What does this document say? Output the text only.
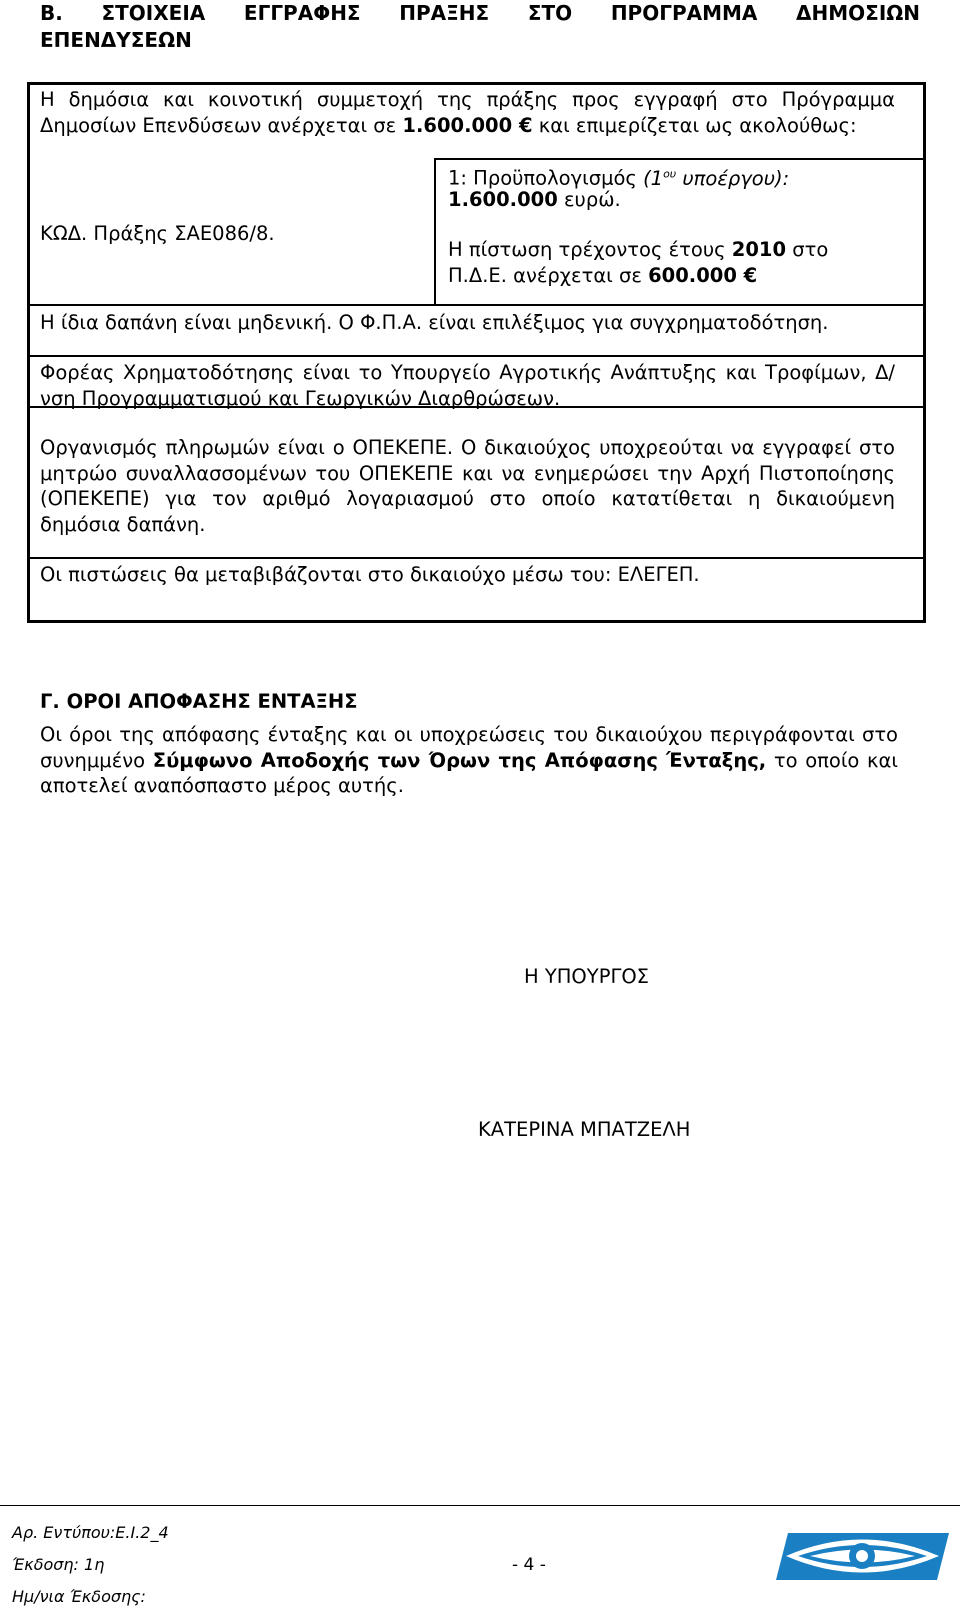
Β. ΣΤΟΙΧΕΙΑ ΕΓΓΡΑΦΗΣ ΠΡΑΞΗΣ ΣΤΟ ΠΡΟΓΡΑΜΜΑ ΔΗΜΟΣΙΩΝ
ΕΠΕΝΔΥΣΕΩΝ
Η δημόσια και κοινοτική συμμετοχή της πράξης προς εγγραφή στο Πρόγραμμα Δημοσίων Επενδύσεων ανέρχεται σε 1.600.000 € και επιμερίζεται ως ακολούθως:
ΚΩΔ. Πράξης ΣΑΕ086/8.
1: Προϋπολογισμός ($1^{o\upsilon}$ υποέργου):
1.600.000 ευρώ.
Η πίστωση τρέχοντος έτους 2010 στο Π.Δ.Ε. ανέρχεται σε 600.000 €
Η ίδια δαπάνη είναι μηδενική. Ο Φ.Π.Α. είναι επιλέξιμος για συγχρηματοδότηση.
Φορέας Χρηματοδότησης είναι το Υπουργείο Αγροτικής Ανάπτυξης και Τροφίμων, Δ/νση Προγραμματισμού και Γεωργικών Διαρθρώσεων.
Οργανισμός πληρωμών είναι ο ΟΠΕΚΕΠΕ. Ο δικαιούχος υποχρεούται να εγγραφεί στο μητρώο συναλλασσομένων του ΟΠΕΚΕΠΕ και να ενημερώσει την Αρχή Πιστοποίησης (ΟΠΕΚΕΠΕ) για τον αριθμό λογαριασμού στο οποίο κατατίθεται η δικαιούμενη δημόσια δαπάνη.
Οι πιστώσεις θα μεταβιβάζονται στο δικαιούχο μέσω του: ΕΛΕΓΕΠ.
Γ. ΟΡΟΙ ΑΠΟΦΑΣΗΣ ΕΝΤΑΞΗΣ
Οι όροι της απόφασης ένταξης και οι υποχρεώσεις του δικαιούχου περιγράφονται στο συνημμένο Σύμφωνο Αποδοχής των Όρων της Απόφασης Ένταξης, το οποίο και αποτελεί αναπόσπαστο μέρος αυτής.
Η ΥΠΟΥΡΓΟΣ
ΚΑΤΕΡΙΝΑ ΜΠΑΤΖΕΛΗ
Αρ. Εντύπου:Ε.Ι.2_4
Έκδοση: 1η
Ημ/νια Έκδοσης:
- 4 -
